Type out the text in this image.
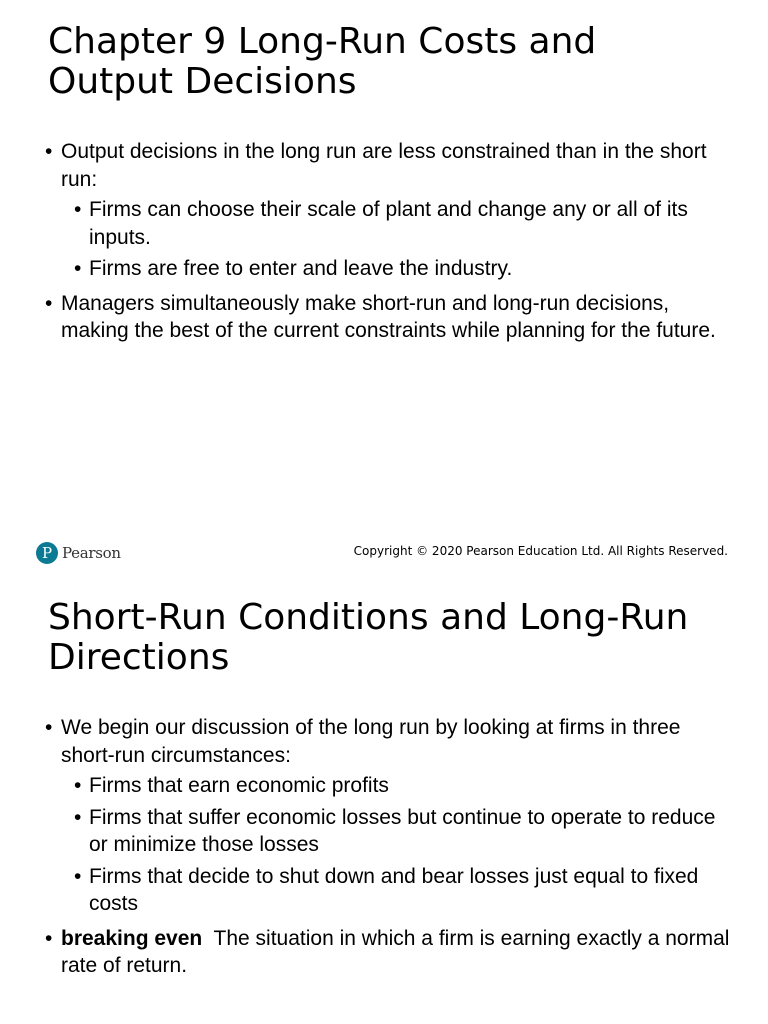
Chapter 9 Long-Run Costs and Output Decisions
• Output decisions in the long run are less constrained than in the short run:
• Firms can choose their scale of plant and change any or all of its inputs.
• Firms are free to enter and leave the industry.
• Managers simultaneously make short-run and long-run decisions, making the best of the current constraints while planning for the future.
P
Pearson	Copyright © 2020 Pearson Education Ltd. All Rights Reserved.
Short-Run Conditions and Long-Run Directions
• We begin our discussion of the long run by looking at firms in three short-run circumstances:
• Firms that earn economic profits
• Firms that suffer economic losses but continue to operate to reduce or minimize those losses
• Firms that decide to shut down and bear losses just equal to fixed costs
• breaking even The situation in which a firm is earning exactly a normal rate of return.
